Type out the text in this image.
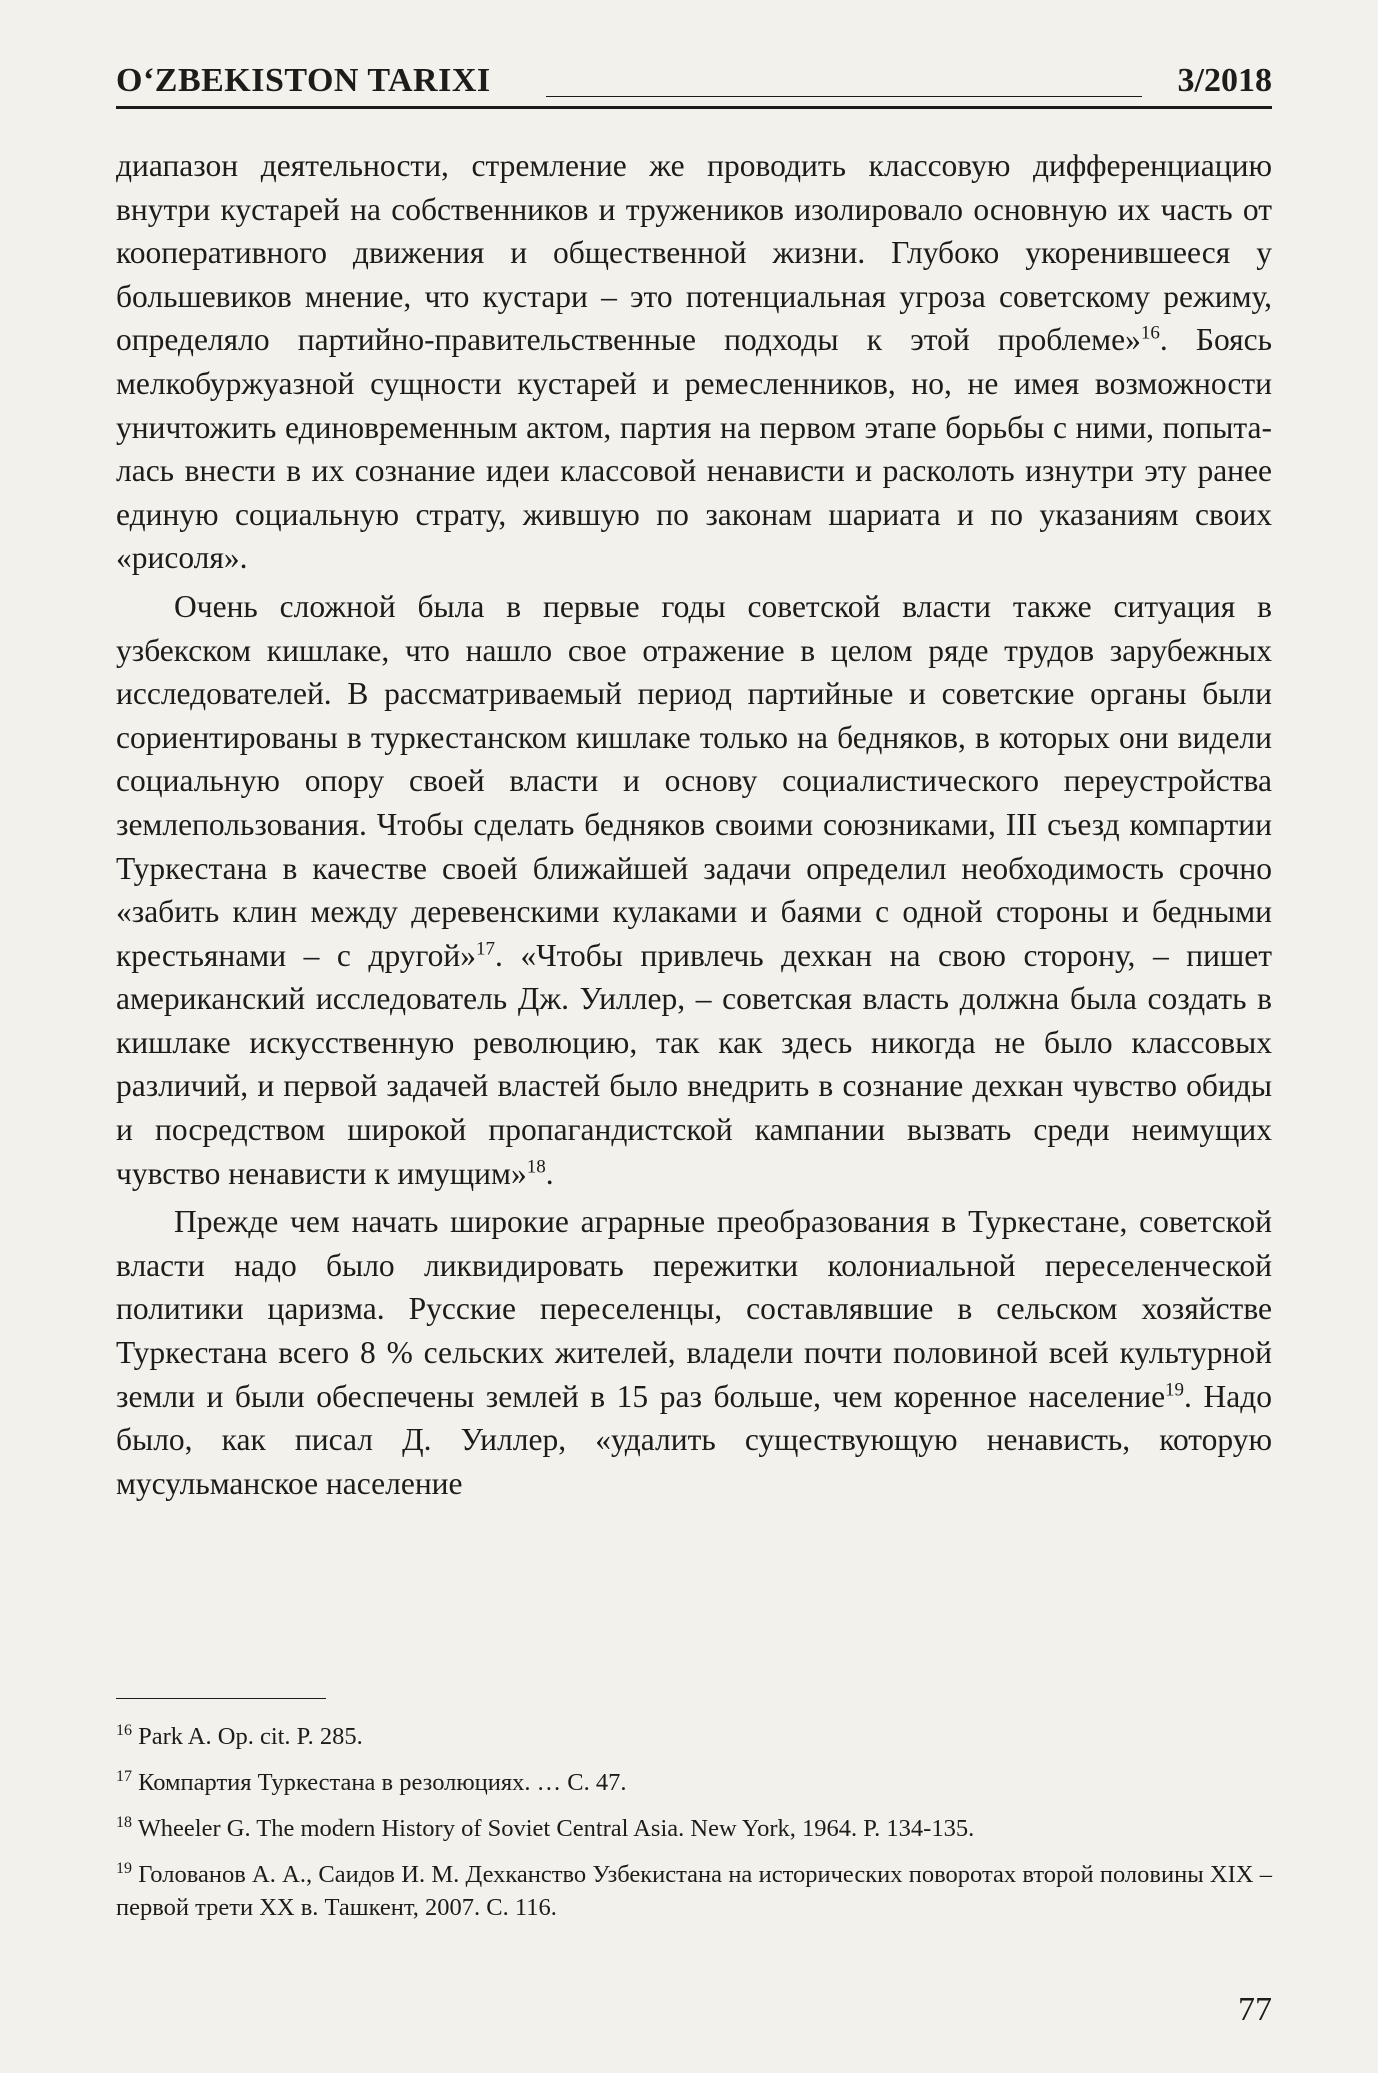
O‘ZBEKISTON TARIXI	3/2018

диапазон деятельности, стремление же проводить классовую дифференциацию внутри кустарей на собственников и тружеников изолировало основную их часть от кооперативного движения и общественной жизни. Глубоко укоренившееся у большевиков мнение, что кустари – это потенциальная угроза советскому режиму, определяло партийно-правительственные подходы к этой проблеме»$^{16}$. Боясь мелкобуржуазной сущности кустарей и ремесленников, но, не имея возможности уничтожить единовременным актом, партия на первом этапе борьбы с ними, попыталась внести в их сознание идеи классовой ненависти и расколоть изнутри эту ранее единую социальную страту, жившую по законам шариата и по указаниям своих «рисоля».

Очень сложной была в первые годы советской власти также ситуация в узбекском кишлаке, что нашло свое отражение в целом ряде трудов зарубежных исследователей. В рассматриваемый период партийные и советские органы были сориентированы в туркестанском кишлаке только на бедняков, в которых они видели социальную опору своей власти и основу социалистического переустройства землепользования. Чтобы сделать бедняков своими союзниками, III съезд компартии Туркестана в качестве своей ближайшей задачи определил необходимость срочно «забить клин между деревенскими кулаками и баями с одной стороны и бедными крестьянами – с другой»$^{17}$. «Чтобы привлечь дехкан на свою сторону, – пишет американский исследователь Дж. Уиллер, – советская власть должна была создать в кишлаке искусственную революцию, так как здесь никогда не было классовых различий, и первой задачей властей было внедрить в сознание дехкан чувство обиды и посредством широкой пропагандистской кампании вызвать среди неимущих чувство ненависти к имущим»$^{18}$.

Прежде чем начать широкие аграрные преобразования в Туркестане, советской власти надо было ликвидировать пережитки колониальной переселенческой политики царизма. Русские переселенцы, составлявшие в сельском хозяйстве Туркестана всего 8 % сельских жителей, владели почти половиной всей культурной земли и были обеспечены землей в 15 раз больше, чем коренное население$^{19}$. Надо было, как писал Д. Уиллер, «удалить существующую ненависть, которую мусульманское население

$^{16}$ Park A. Op. cit. P. 285.

$^{17}$ Компартия Туркестана в резолюциях. … С. 47.

$^{18}$ Wheeler G. The modern History of Soviet Central Asia. New York, 1964. P. 134-135.

$^{19}$ Голованов А. А., Саидов И. М. Дехканство Узбекистана на исторических поворотах второй половины XIX – первой трети XX в. Ташкент, 2007. С. 116.

77
